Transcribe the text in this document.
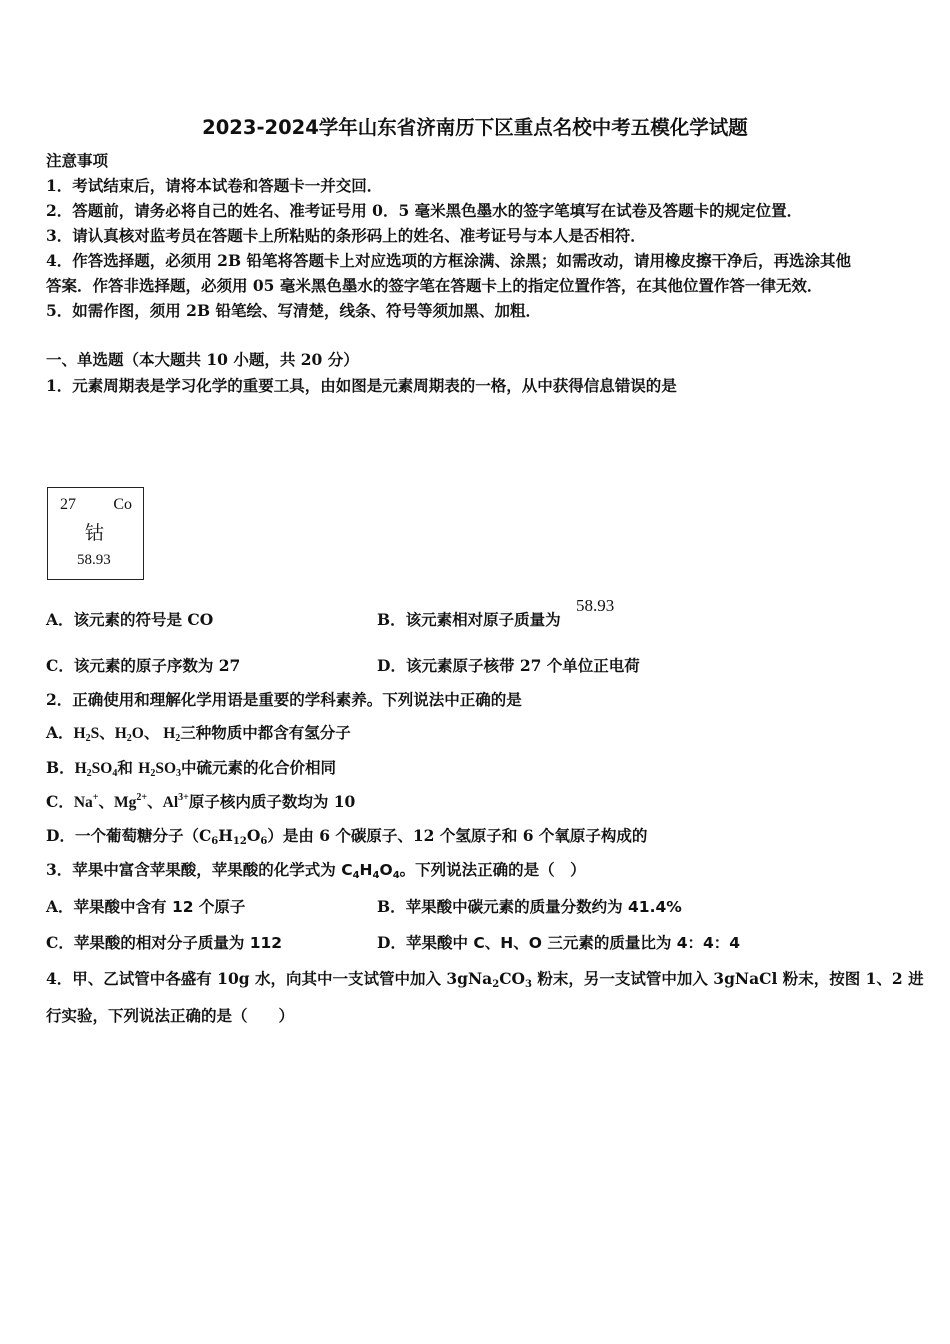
2023-2024学年山东省济南历下区重点名校中考五模化学试题
注意事项
1．考试结束后，请将本试卷和答题卡一并交回．
2．答题前，请务必将自己的姓名、准考证号用 0．5 毫米黑色墨水的签字笔填写在试卷及答题卡的规定位置．
3．请认真核对监考员在答题卡上所粘贴的条形码上的姓名、准考证号与本人是否相符．
4．作答选择题，必须用 2B 铅笔将答题卡上对应选项的方框涂满、涂黑；如需改动，请用橡皮擦干净后，再选涂其他
答案．作答非选择题，必须用 05 毫米黑色墨水的签字笔在答题卡上的指定位置作答，在其他位置作答一律无效．
5．如需作图，须用 2B 铅笔绘、写清楚，线条、符号等须加黑、加粗．
一、单选题（本大题共 10 小题，共 20 分）
1．元素周期表是学习化学的重要工具，由如图是元素周期表的一格，从中获得信息错误的是
27 Co
钴
58.93
A．该元素的符号是 CO	B．该元素相对原子质量为
58.93
C．该元素的原子序数为 27	D．该元素原子核带 27 个单位正电荷
2．正确使用和理解化学用语是重要的学科素养。下列说法中正确的是
A．$H_2S$、$H_2O$、 $H_2$三种物质中都含有氢分子
B．$H_2SO_4$和 $H_2SO_3$中硫元素的化合价相同
C．Na+、$Mg^{2+}$、$Al^{3+}$原子核内质子数均为 10
D．一个葡萄糖分子$(C_6H_{12}O_6)$是由 6 个碳原子、12 个氢原子和 6 个氧原子构成的
3．苹果中富含苹果酸，苹果酸的化学式为 $C_4H_4O_4$。下列说法正确的是（　）
A．苹果酸中含有 12 个原子	B．苹果酸中碳元素的质量分数约为 41.4%
C．苹果酸的相对分子质量为 112	D．苹果酸中 C、H、O 三元素的质量比为 4：4：4
4．甲、乙试管中各盛有 10g 水，向其中一支试管中加入 $3gNa_2CO_3$ 粉末，另一支试管中加入 3gNaCl 粉末，按图 1、2 进
行实验，下列说法正确的是（　　）
